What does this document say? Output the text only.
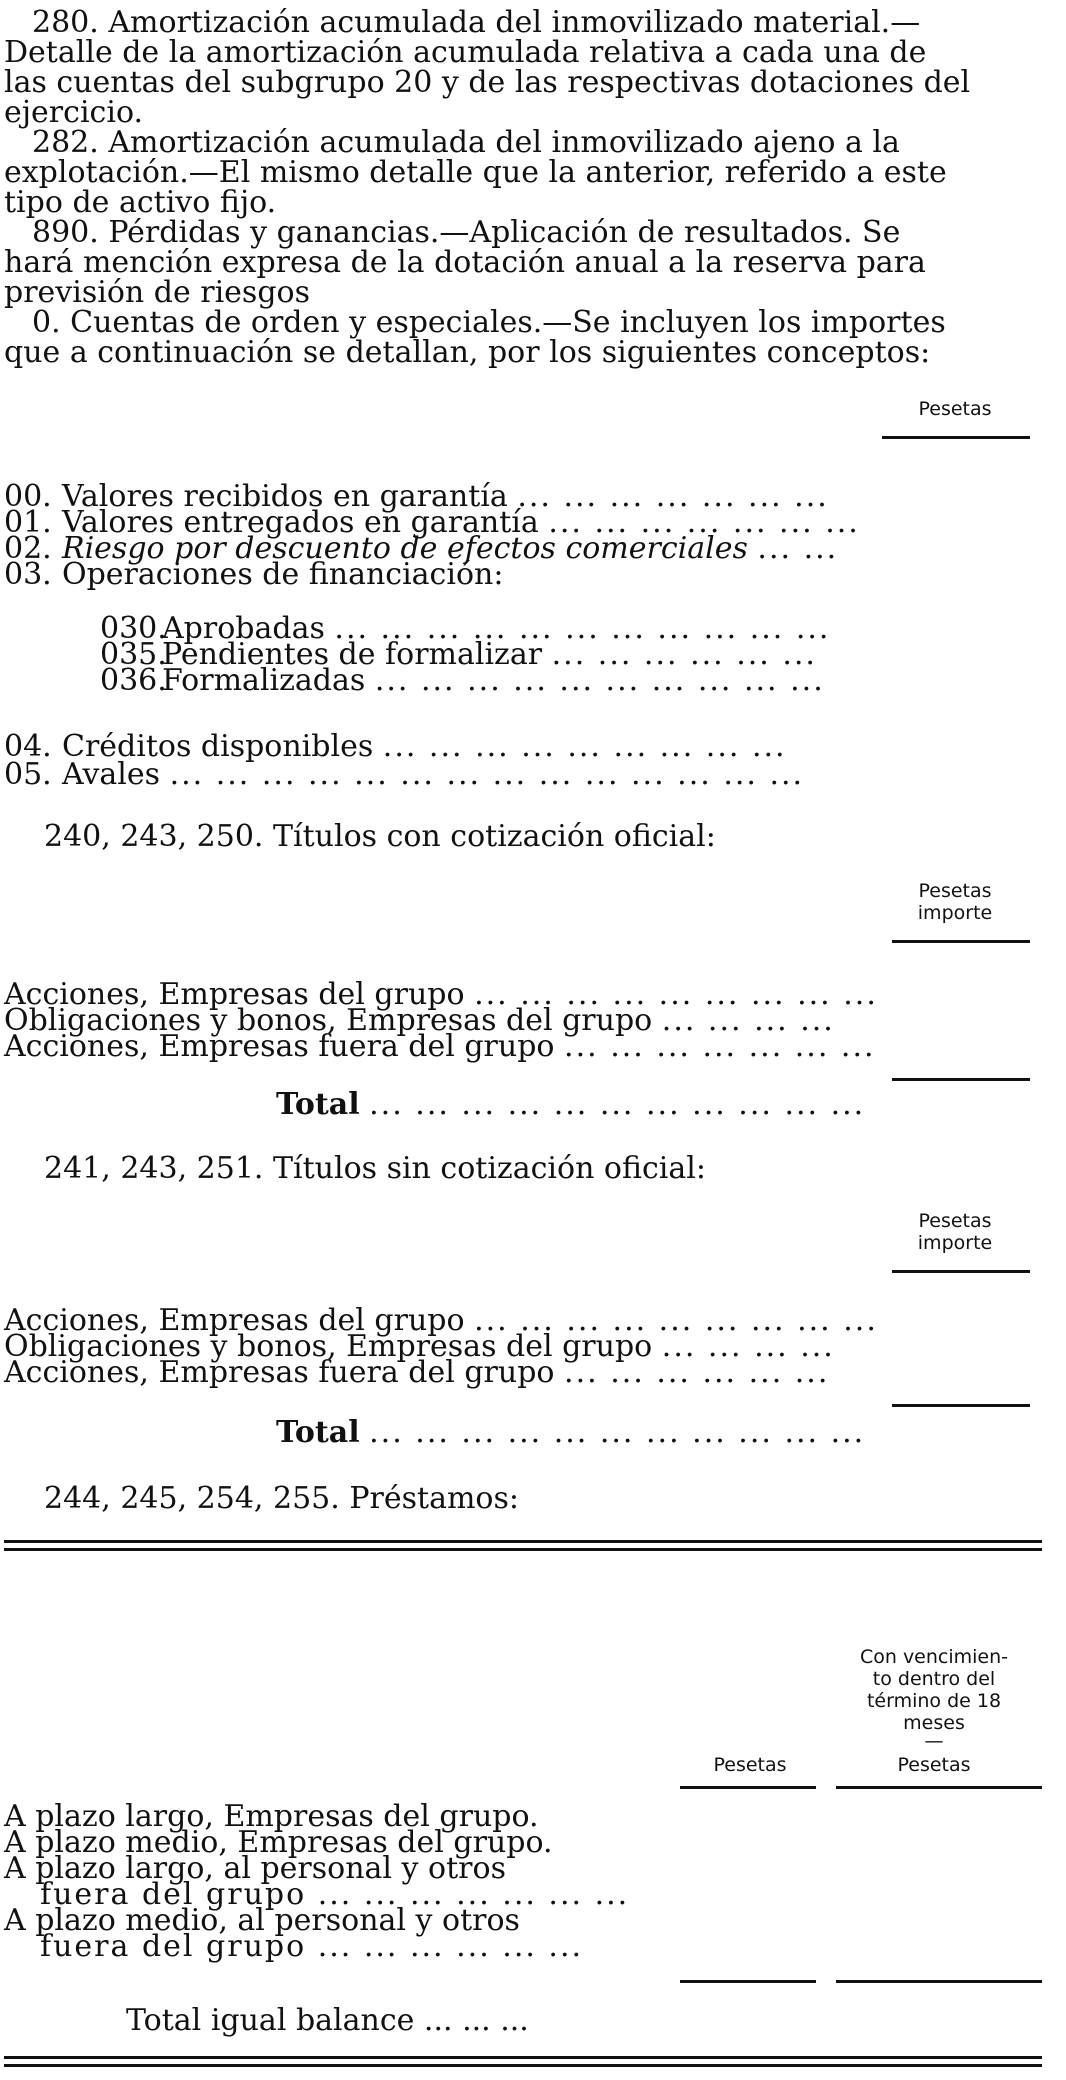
280. Amortización acumulada del inmovilizado material.—
Detalle de la amortización acumulada relativa a cada una de
las cuentas del subgrupo 20 y de las respectivas dotaciones del
ejercicio.
282. Amortización acumulada del inmovilizado ajeno a la
explotación.—El mismo detalle que la anterior, referido a este
tipo de activo fijo.
890. Pérdidas y ganancias.—Aplicación de resultados. Se
hará mención expresa de la dotación anual a la reserva para
previsión de riesgos
0. Cuentas de orden y especiales.—Se incluyen los importes
que a continuación se detallan, por los siguientes conceptos:
Pesetas
00. Valores recibidos en garantía ... ... ... ... ... ... ...
01. Valores entregados en garantía ... ... ... ... ... ... ...
02. Riesgo por descuento de efectos comerciales ... ...
03. Operaciones de financiación:
030.Aprobadas ... ... ... ... ... ... ... ... ... ... ...
035.Pendientes de formalizar ... ... ... ... ... ...
036.Formalizadas ... ... ... ... ... ... ... ... ... ...
04. Créditos disponibles ... ... ... ... ... ... ... ... ...
05. Avales ... ... ... ... ... ... ... ... ... ... ... ... ... ...
240, 243, 250. Títulos con cotización oficial:
Pesetas
importe
Acciones, Empresas del grupo ... ... ... ... ... ... ... ... ...
Obligaciones y bonos, Empresas del grupo ... ... ... ...
Acciones, Empresas fuera del grupo ... ... ... ... ... ... ...
Total ... ... ... ... ... ... ... ... ... ... ...
241, 243, 251. Títulos sin cotización oficial:
Pesetas
importe
Acciones, Empresas del grupo ... ... ... ... ... ... ... ... ...
Obligaciones y bonos, Empresas del grupo ... ... ... ...
Acciones, Empresas fuera del grupo ... ... ... ... ... ...
Total ... ... ... ... ... ... ... ... ... ... ...
244, 245, 254, 255. Préstamos:
Con vencimien-
to dentro del
término de 18
meses
—
Pesetas
Pesetas
A plazo largo, Empresas del grupo.
A plazo medio, Empresas del grupo.
A plazo largo, al personal y otros
fuera del grupo ... ... ... ... ... ... ...
A plazo medio, al personal y otros
fuera del grupo ... ... ... ... ... ...
Total igual balance ... ... ...
